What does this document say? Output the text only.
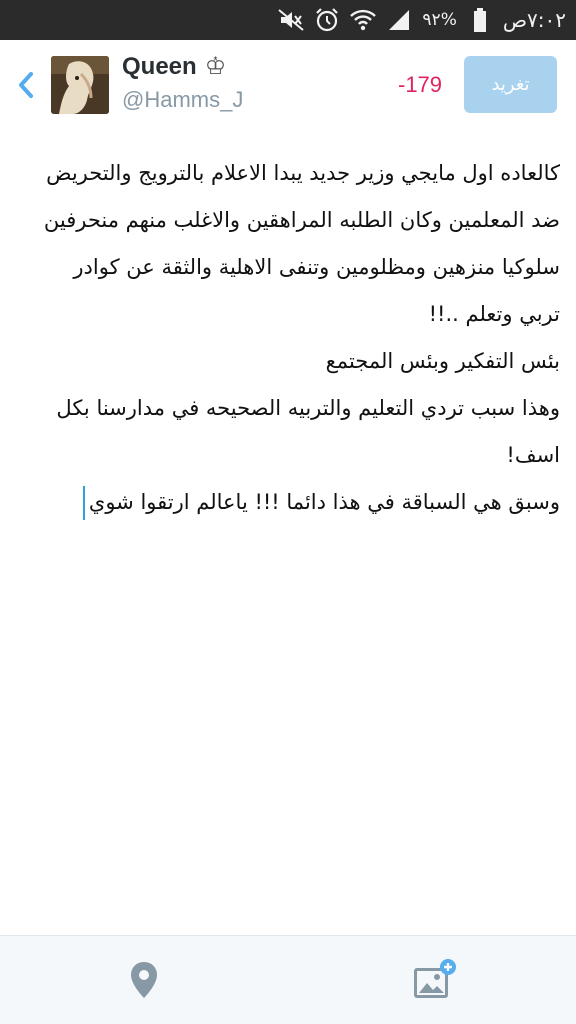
٩٢% ص ٧:٠٢
Queen ♔
@Hamms_J
-179	تغريد
كالعاده اول مايجي وزير جديد يبدا الاعلام بالترويج والتحريض
ضد المعلمين وكان الطلبه المراهقين والاغلب منهم منحرفين
سلوكيا منزهين ومظلومين وتنفى الاهلية والثقة عن كوادر
تربي وتعلم ..!!
بئس التفكير وبئس المجتمع
وهذا سبب تردي التعليم والتربيه الصحيحه في مدارسنا بكل
اسف!
وسبق هي السباقة في هذا دائما !!! ياعالم ارتقوا شوي
